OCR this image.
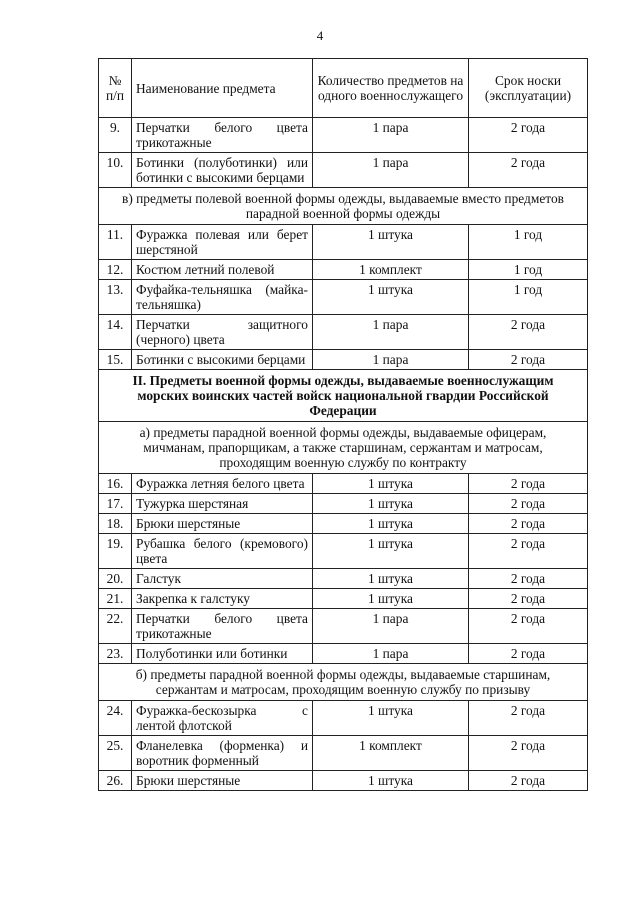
4
№ п/п	Наименование предмета	Количество предметов на одного военнослужащего	Срок носки (эксплуатации)
9.	Перчатки белого цвета трикотажные	1 пара	2 года
10.	Ботинки (полуботинки) или ботинки с высокими берцами	1 пара	2 года
в) предметы полевой военной формы одежды, выдаваемые вместо предметов парадной военной формы одежды			
11.	Фуражка полевая или берет шерстяной	1 штука	1 год
12.	Костюм летний полевой	1 комплект	1 год
13.	Фуфайка-тельняшка (майка-тельняшка)	1 штука	1 год
14.	Перчатки защитного (черного) цвета	1 пара	2 года
15.	Ботинки с высокими берцами	1 пара	2 года
II. Предметы военной формы одежды, выдаваемые военнослужащим морских воинских частей войск национальной гвардии Российской Федерации			
а) предметы парадной военной формы одежды, выдаваемые офицерам, мичманам, прапорщикам, а также старшинам, сержантам и матросам, проходящим военную службу по контракту			
16.	Фуражка летняя белого цвета	1 штука	2 года
17.	Тужурка шерстяная	1 штука	2 года
18.	Брюки шерстяные	1 штука	2 года
19.	Рубашка белого (кремового) цвета	1 штука	2 года
20.	Галстук	1 штука	2 года
21.	Закрепка к галстуку	1 штука	2 года
22.	Перчатки белого цвета трикотажные	1 пара	2 года
23.	Полуботинки или ботинки	1 пара	2 года
б) предметы парадной военной формы одежды, выдаваемые старшинам, сержантам и матросам, проходящим военную службу по призыву			
24.	Фуражка-бескозырка с лентой флотской	1 штука	2 года
25.	Фланелевка (форменка) и воротник форменный	1 комплект	2 года
26.	Брюки шерстяные	1 штука	2 года
